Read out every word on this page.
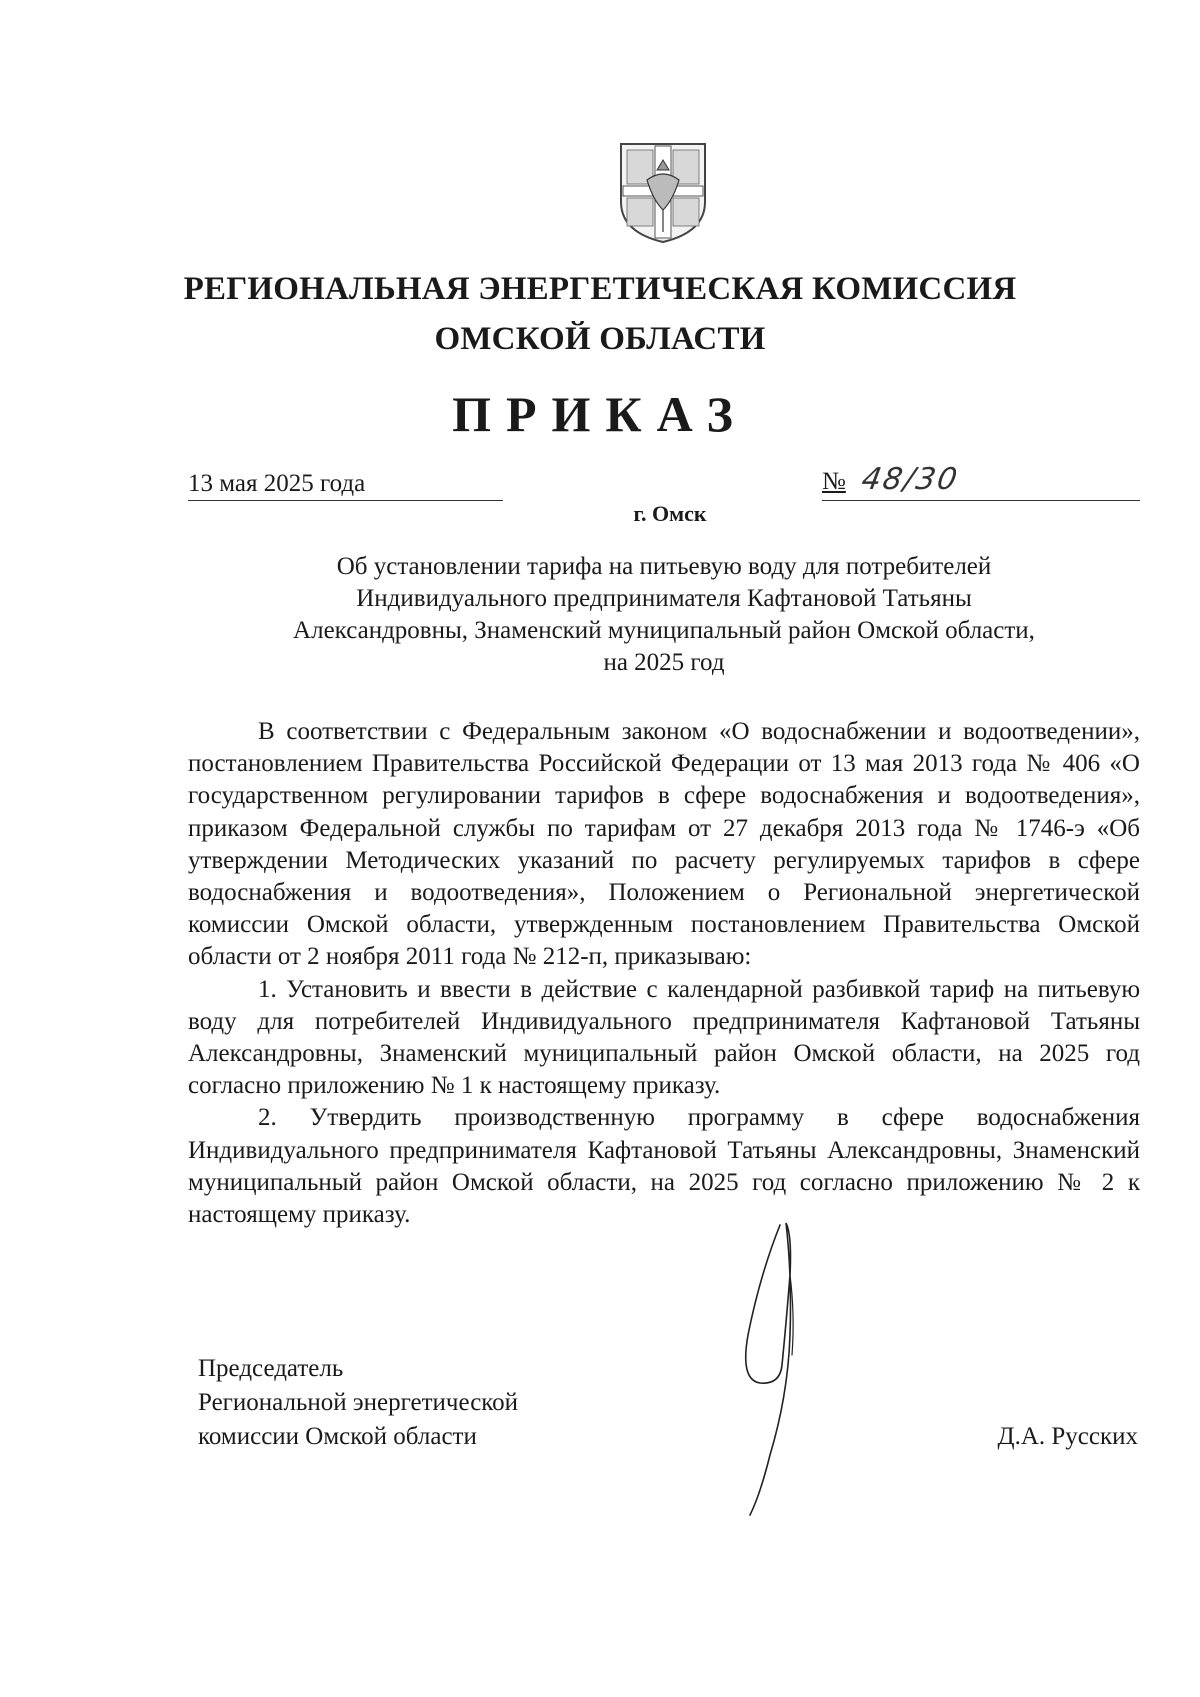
РЕГИОНАЛЬНАЯ ЭНЕРГЕТИЧЕСКАЯ КОМИССИЯ
ОМСКОЙ ОБЛАСТИ
ПРИКАЗ
13 мая 2025 года	№ 48/30
г. Омск
Об установлении тарифа на питьевую воду для потребителей
Индивидуального предпринимателя Кафтановой Татьяны
Александровны, Знаменский муниципальный район Омской области,
на 2025 год

В соответствии с Федеральным законом «О водоснабжении и водоотведении», постановлением Правительства Российской Федерации от 13 мая 2013 года № 406 «О государственном регулировании тарифов в сфере водоснабжения и водоотведения», приказом Федеральной службы по тарифам от 27 декабря 2013 года № 1746-э «Об утверждении Методических указаний по расчету регулируемых тарифов в сфере водоснабжения и водоотведения», Положением о Региональной энергетической комиссии Омской области, утвержденным постановлением Правительства Омской области от 2 ноября 2011 года № 212-п, приказываю:

1. Установить и ввести в действие с календарной разбивкой тариф на питьевую воду для потребителей Индивидуального предпринимателя Кафтановой Татьяны Александровны, Знаменский муниципальный район Омской области, на 2025 год согласно приложению № 1 к настоящему приказу.

2. Утвердить производственную программу в сфере водоснабжения Индивидуального предпринимателя Кафтановой Татьяны Александровны, Знаменский муниципальный район Омской области, на 2025 год согласно приложению № 2 к настоящему приказу.

Председатель
Региональной энергетической
комиссии Омской области	Д.А. Русских
